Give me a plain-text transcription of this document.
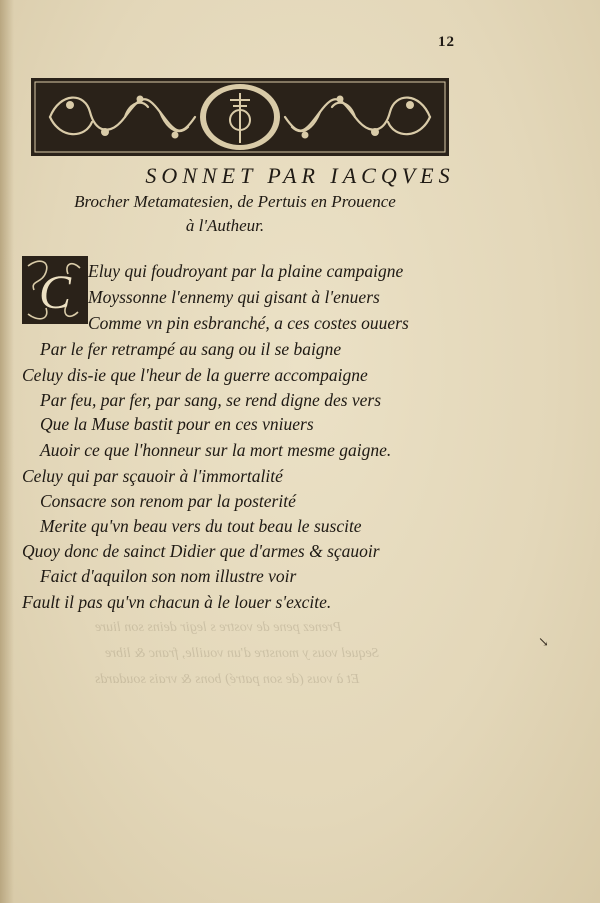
12
SONNET PAR IACQVES
Brocher Metamatesien, de Pertuis en Prouence
à l'Autheur.
C Eluy qui foudroyant par la plaine campaigne
Moyssonne l'ennemy qui gisant à l'enuers
Comme vn pin esbranché, a ces costes ouuers
Par le fer retrampé au sang ou il se baigne
Celuy dis-ie que l'heur de la guerre accompaigne
Par feu, par fer, par sang, se rend digne des vers
Que la Muse bastit pour en ces vniuers
Auoir ce que l'honneur sur la mort mesme gaigne.
Celuy qui par sçauoir à l'immortalité
Consacre son renom par la posterité
Merite qu'vn beau vers du tout beau le suscite
Quoy donc de sainct Didier que d'armes & sçauoir
Faict d'aquilon son nom illustre voir
Fault il pas qu'vn chacun à le louer s'excite.
Prenez pene de vostre s legir deins son liure
Sequel vous y monstre d'un vouille, franc & libre
Et à vous (de son patré) bons & vrais soudards
↘
